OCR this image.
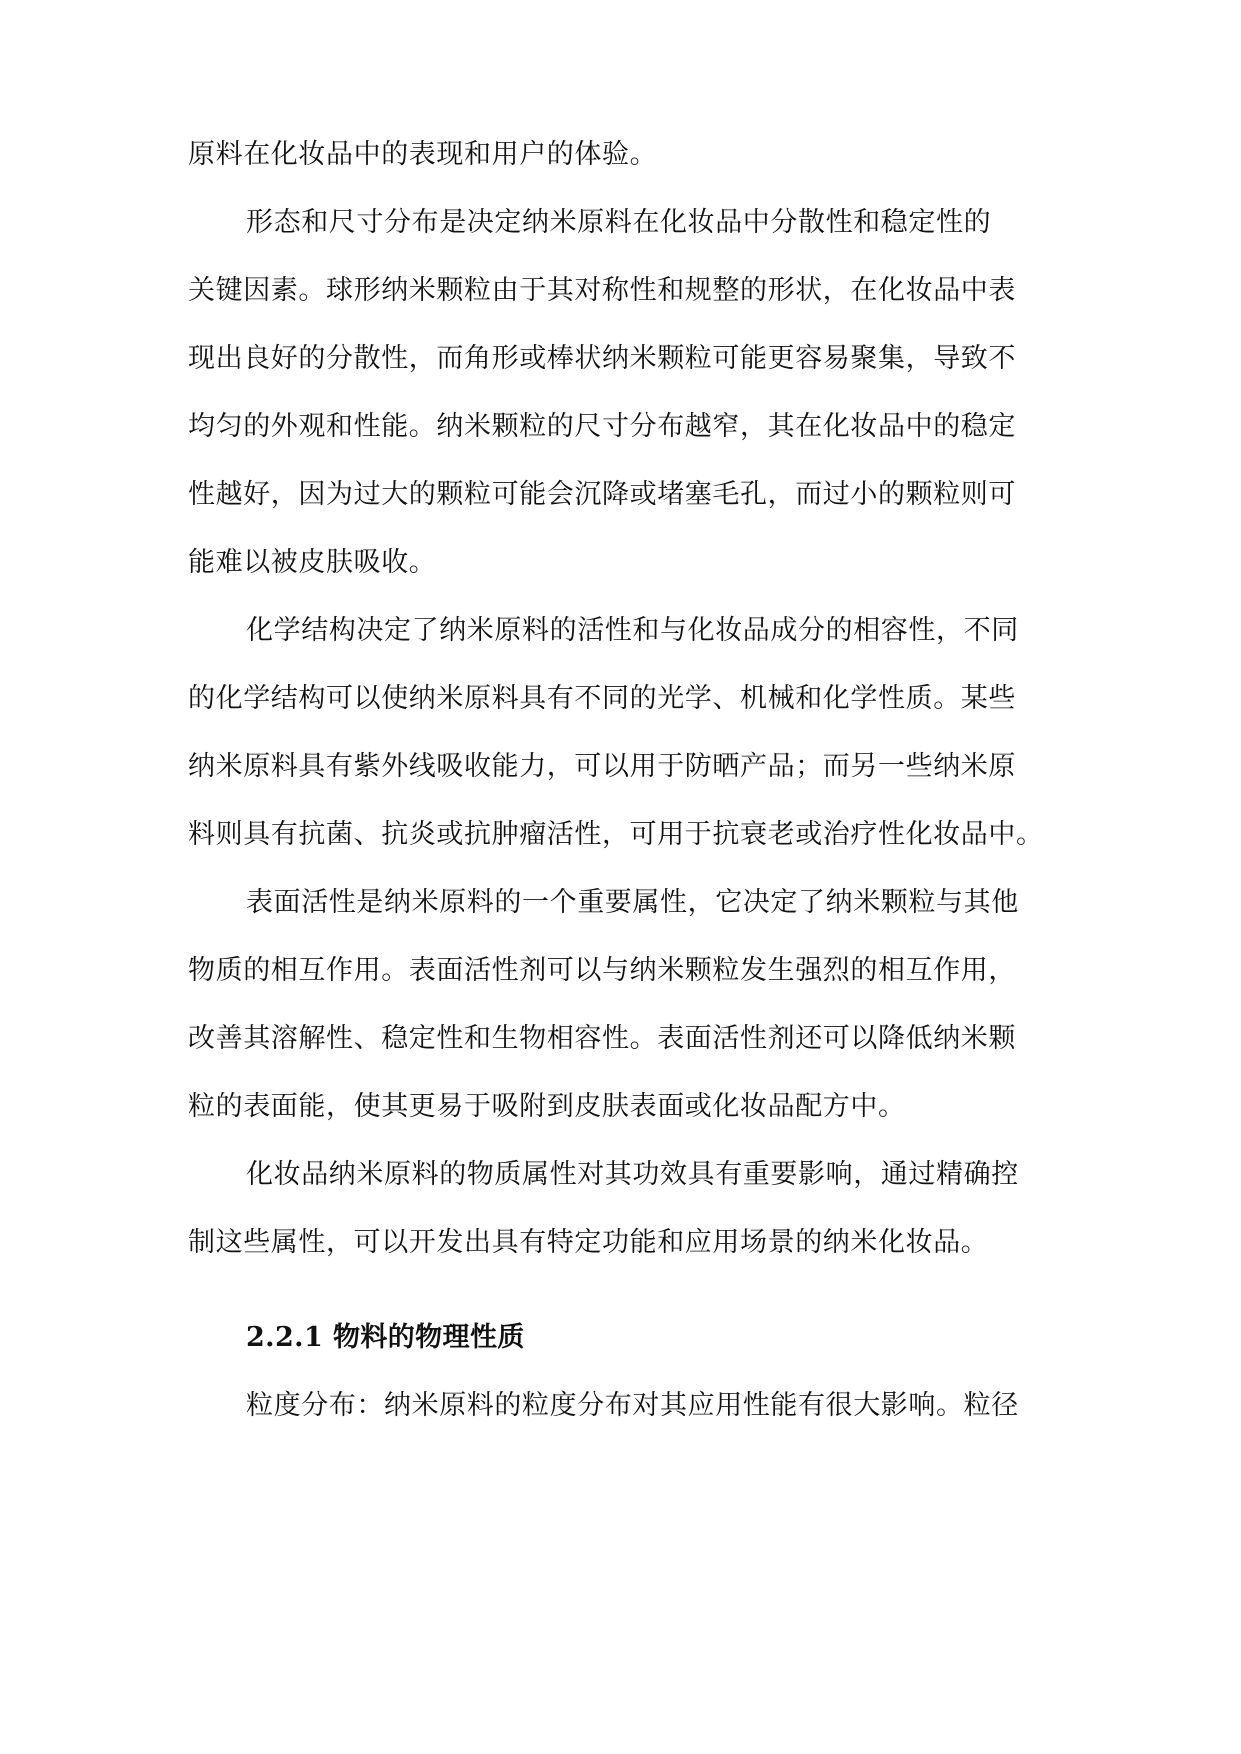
原料在化妆品中的表现和用户的体验。
形态和尺寸分布是决定纳米原料在化妆品中分散性和稳定性的
关键因素。球形纳米颗粒由于其对称性和规整的形状，在化妆品中表
现出良好的分散性，而角形或棒状纳米颗粒可能更容易聚集，导致不
均匀的外观和性能。纳米颗粒的尺寸分布越窄，其在化妆品中的稳定
性越好，因为过大的颗粒可能会沉降或堵塞毛孔，而过小的颗粒则可
能难以被皮肤吸收。
化学结构决定了纳米原料的活性和与化妆品成分的相容性，不同
的化学结构可以使纳米原料具有不同的光学、机械和化学性质。某些
纳米原料具有紫外线吸收能力，可以用于防晒产品；而另一些纳米原
料则具有抗菌、抗炎或抗肿瘤活性，可用于抗衰老或治疗性化妆品中。
表面活性是纳米原料的一个重要属性，它决定了纳米颗粒与其他
物质的相互作用。表面活性剂可以与纳米颗粒发生强烈的相互作用，
改善其溶解性、稳定性和生物相容性。表面活性剂还可以降低纳米颗
粒的表面能，使其更易于吸附到皮肤表面或化妆品配方中。
化妆品纳米原料的物质属性对其功效具有重要影响，通过精确控
制这些属性，可以开发出具有特定功能和应用场景的纳米化妆品。
2.2.1 物料的物理性质
粒度分布：纳米原料的粒度分布对其应用性能有很大影响。粒径
